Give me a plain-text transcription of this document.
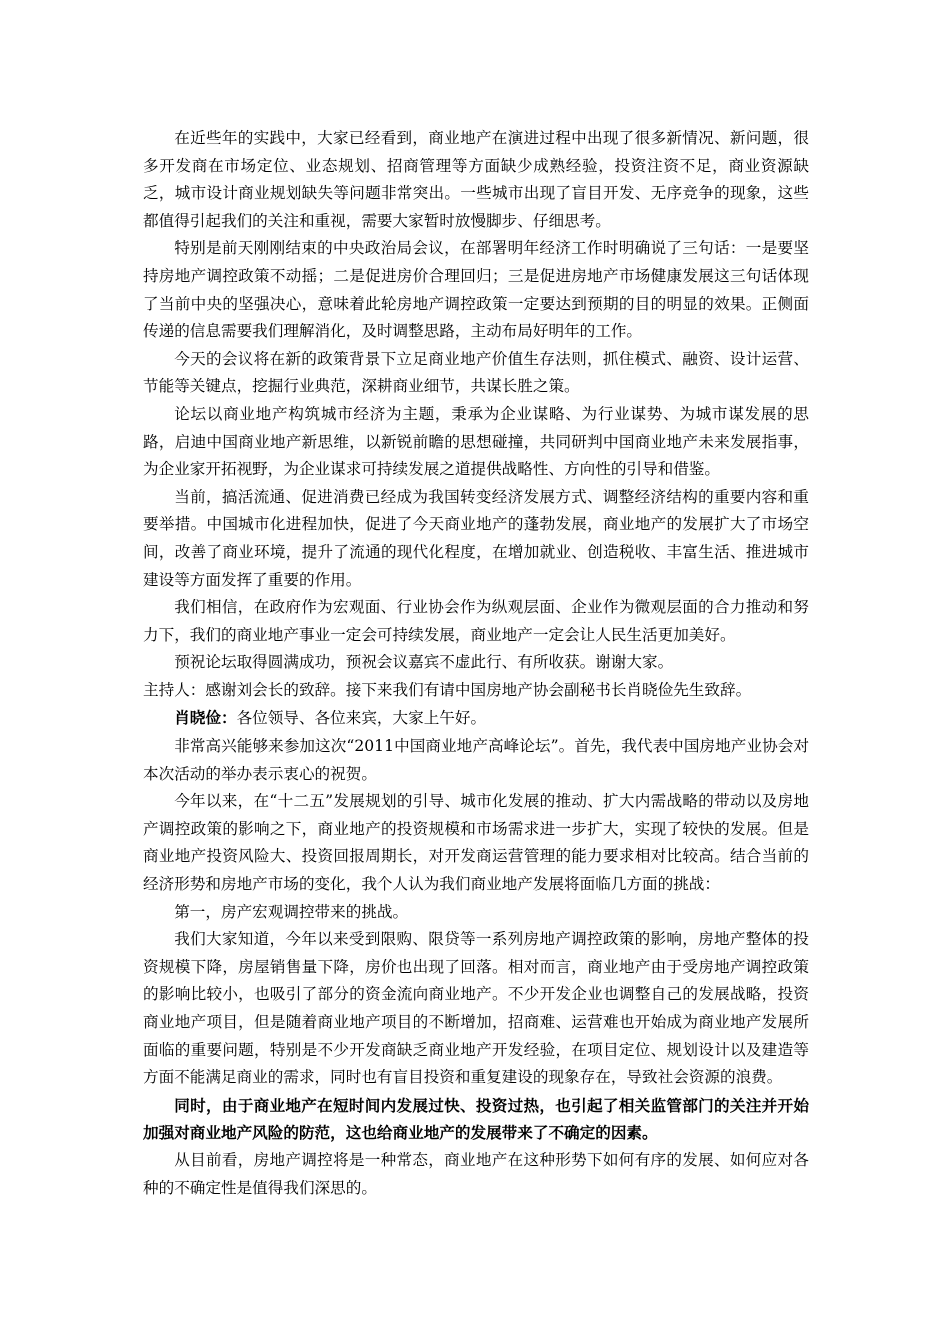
在近些年的实践中，大家已经看到，商业地产在演进过程中出现了很多新情况、新问题，很多开发商在市场定位、业态规划、招商管理等方面缺少成熟经验，投资注资不足，商业资源缺乏，城市设计商业规划缺失等问题非常突出。一些城市出现了盲目开发、无序竞争的现象，这些都值得引起我们的关注和重视，需要大家暂时放慢脚步、仔细思考。

特别是前天刚刚结束的中央政治局会议，在部署明年经济工作时明确说了三句话：一是要坚持房地产调控政策不动摇；二是促进房价合理回归；三是促进房地产市场健康发展这三句话体现了当前中央的坚强决心，意味着此轮房地产调控政策一定要达到预期的目的明显的效果。正侧面传递的信息需要我们理解消化，及时调整思路，主动布局好明年的工作。

今天的会议将在新的政策背景下立足商业地产价值生存法则，抓住模式、融资、设计运营、节能等关键点，挖掘行业典范，深耕商业细节，共谋长胜之策。

论坛以商业地产构筑城市经济为主题，秉承为企业谋略、为行业谋势、为城市谋发展的思路，启迪中国商业地产新思维，以新锐前瞻的思想碰撞，共同研判中国商业地产未来发展指事，为企业家开拓视野，为企业谋求可持续发展之道提供战略性、方向性的引导和借鉴。

当前，搞活流通、促进消费已经成为我国转变经济发展方式、调整经济结构的重要内容和重要举措。中国城市化进程加快，促进了今天商业地产的蓬勃发展，商业地产的发展扩大了市场空间，改善了商业环境，提升了流通的现代化程度，在增加就业、创造税收、丰富生活、推进城市建设等方面发挥了重要的作用。

我们相信，在政府作为宏观面、行业协会作为纵观层面、企业作为微观层面的合力推动和努力下，我们的商业地产事业一定会可持续发展，商业地产一定会让人民生活更加美好。

预祝论坛取得圆满成功，预祝会议嘉宾不虚此行、有所收获。谢谢大家。

主持人：感谢刘会长的致辞。接下来我们有请中国房地产协会副秘书长肖晓俭先生致辞。

肖晓俭：各位领导、各位来宾，大家上午好。

非常高兴能够来参加这次“2011中国商业地产高峰论坛”。首先，我代表中国房地产业协会对本次活动的举办表示衷心的祝贺。

今年以来，在“十二五”发展规划的引导、城市化发展的推动、扩大内需战略的带动以及房地产调控政策的影响之下，商业地产的投资规模和市场需求进一步扩大，实现了较快的发展。但是商业地产投资风险大、投资回报周期长，对开发商运营管理的能力要求相对比较高。结合当前的经济形势和房地产市场的变化，我个人认为我们商业地产发展将面临几方面的挑战：

第一，房产宏观调控带来的挑战。

我们大家知道，今年以来受到限购、限贷等一系列房地产调控政策的影响，房地产整体的投资规模下降，房屋销售量下降，房价也出现了回落。相对而言，商业地产由于受房地产调控政策的影响比较小，也吸引了部分的资金流向商业地产。不少开发企业也调整自己的发展战略，投资商业地产项目，但是随着商业地产项目的不断增加，招商难、运营难也开始成为商业地产发展所面临的重要问题，特别是不少开发商缺乏商业地产开发经验，在项目定位、规划设计以及建造等方面不能满足商业的需求，同时也有盲目投资和重复建设的现象存在，导致社会资源的浪费。

同时，由于商业地产在短时间内发展过快、投资过热，也引起了相关监管部门的关注并开始加强对商业地产风险的防范，这也给商业地产的发展带来了不确定的因素。

从目前看，房地产调控将是一种常态，商业地产在这种形势下如何有序的发展、如何应对各种的不确定性是值得我们深思的。
